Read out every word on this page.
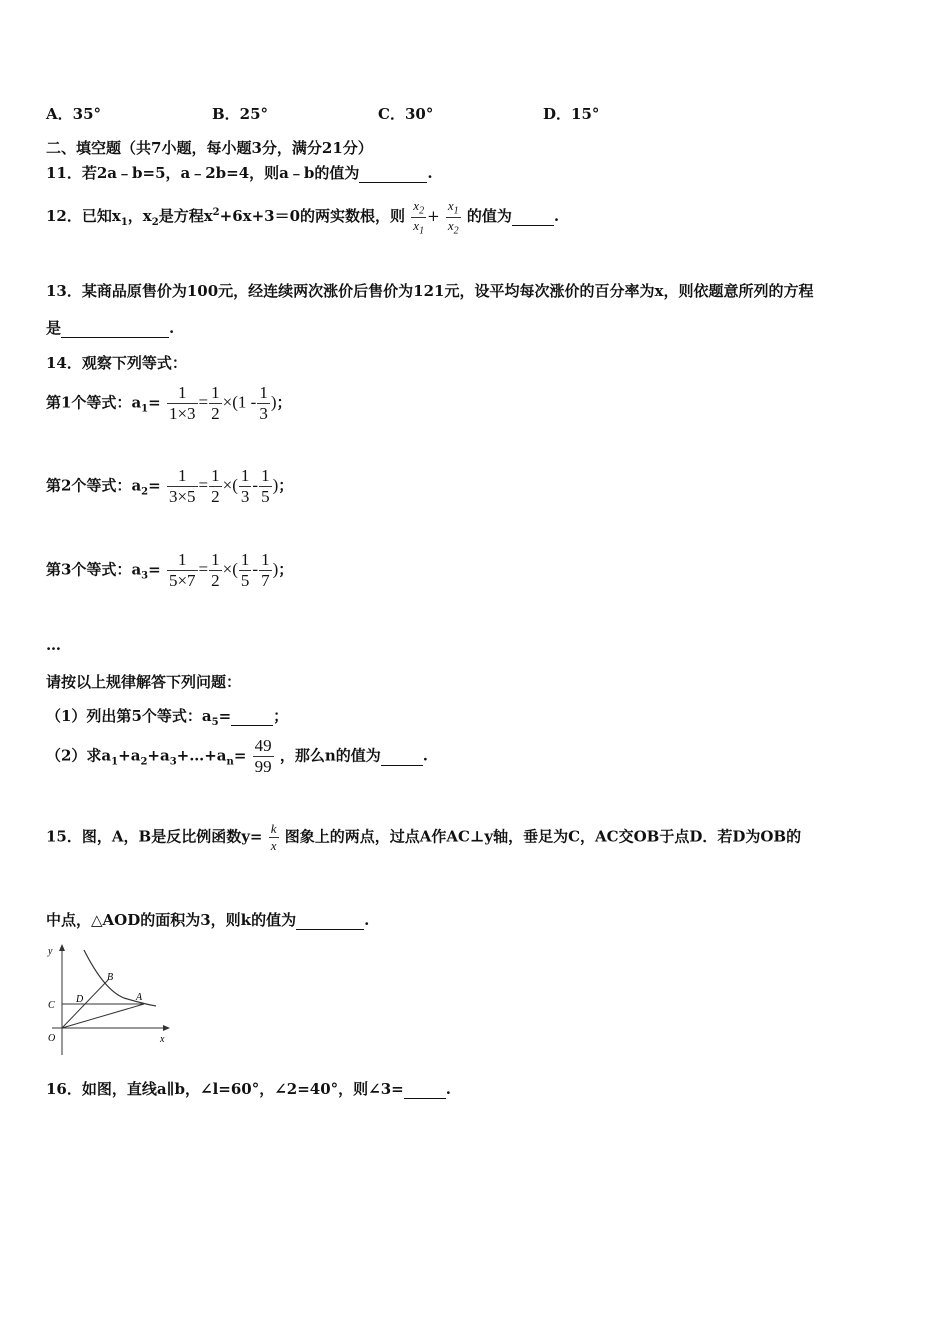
A．35°	B．25°	C．30°	D．15°
二、填空题（共7小题，每小题3分，满分21分）
11．若2a﹣b=5，a﹣2b=4，则a﹣b的值为	.
12．已知$x_1$，$x_2$是方程$x^2+6x+3=0$的两实数根，则 $\frac{x_2}{x_1} + \frac{x_1}{x_2}$ 的值为	.
13．某商品原售价为100元，经连续两次涨价后售价为121元，设平均每次涨价的百分率为x，则依题意所列的方程
是	.
14．观察下列等式：
第1个等式：$a_1= \frac{1}{1\times 3} = \frac{1}{2} \times(1 - \frac{1}{3}$ )；
第2个等式：$a_2= \frac{1}{3\times 5} = \frac{1}{2}$ ×( $\frac{1}{3} - \frac{1}{5}$ )；
第3个等式：$a_3= \frac{1}{5\times 7} = \frac{1}{2}$ ×( $\frac{1}{5} - \frac{1}{7}$ )；
…
请按以上规律解答下列问题：
（1）列出第5个等式：$a_5=$	；
（2）求$a_1+a_2+a_3+\dots+a_n= \frac{49}{99}$ ，那么n的值为	.
15．图，A，B是反比例函数$y= \frac{k}{x}$ 图象上的两点，过点A作AC⊥y轴，垂足为C，AC交OB于点D．若D为OB的
中点，△AOD的面积为3，则k的值为	.
y
x
O
C
D
B
A
16．如图，直线a∥b，∠l=60°，∠2=40°，则∠3=	.
